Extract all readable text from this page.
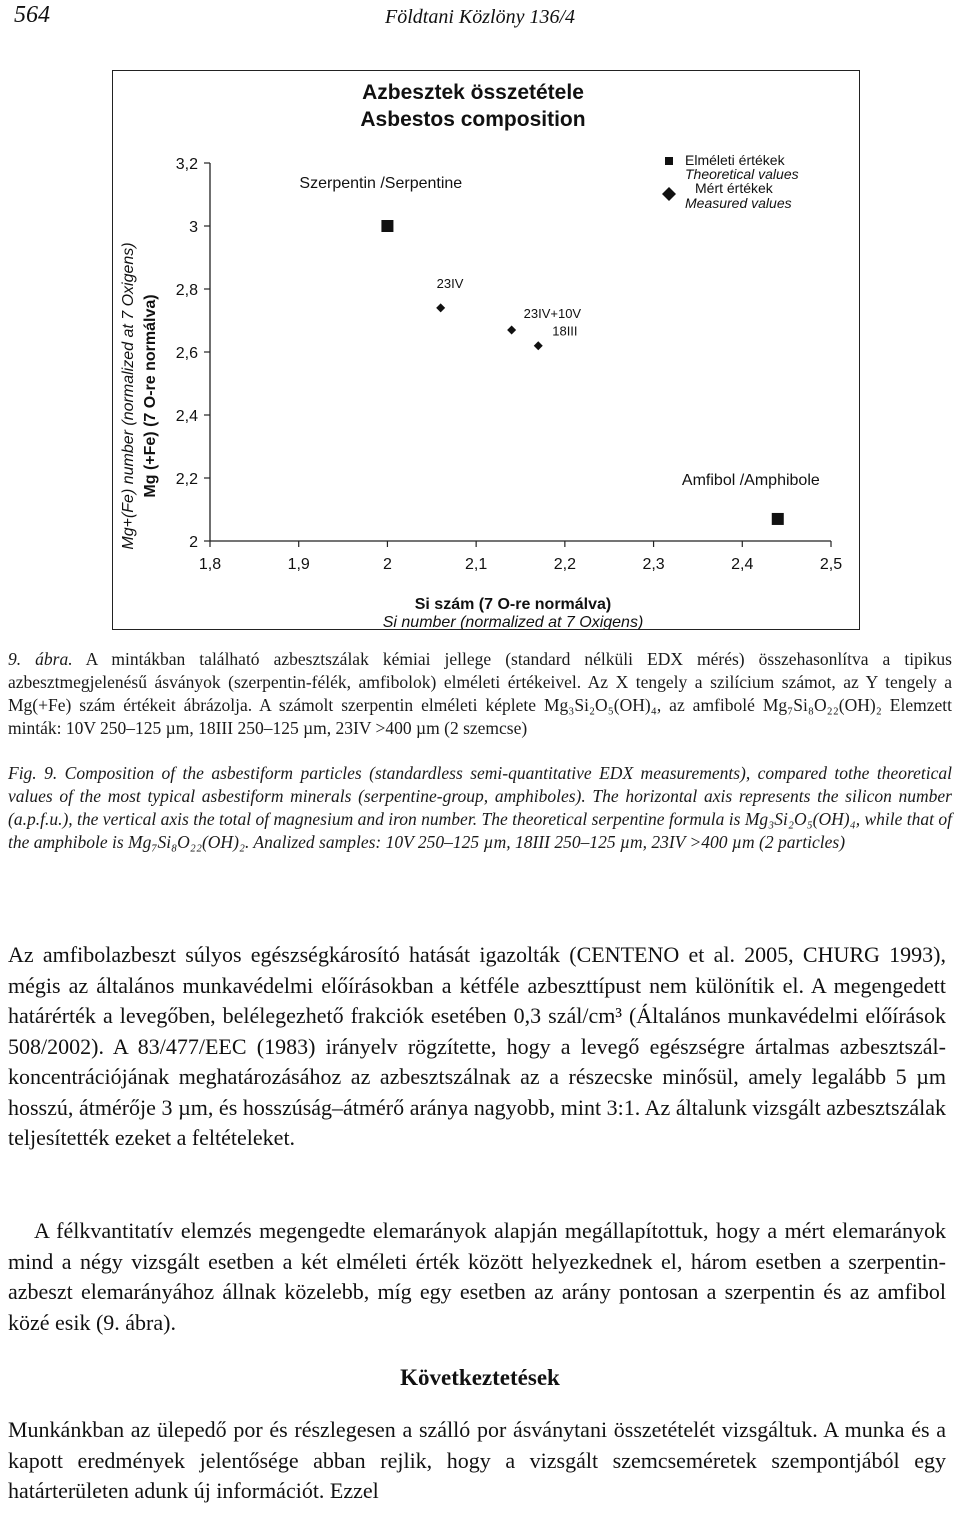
564	Földtani Közlöny 136/4
Azbesztek összetétele
Asbestos composition
Mg+(Fe) number (normalized at 7 Oxigens) Mg (+Fe) (7 O-re normálva)
Si szám (7 O-re normálva)
Si number (normalized at 7 Oxigens)
2
2,2
2,4
2,6
2,8
3
3,2
1,8	1,9	2	2,1	2,2	2,3	2,4	2,5
Szerpentin /Serpentine
Amfibol /Amphibole
23IV
23IV+10V
18III
Elméleti értékek
Theoretical values
Mért értékek
Measured values
9. ábra. A mintákban található azbesztszálak kémiai jellege (standard nélküli EDX mérés) összehasonlítva a tipikus azbesztmegjelenésű ásványok (szerpentin-félék, amfibolok) elméleti értékeivel. Az X tengely a szilícium számot, az Y tengely a Mg(+Fe) szám értékeit ábrázolja. A számolt szerpentin elméleti képlete Mg₃Si₂O₅(OH)₄, az amfibolé Mg₇Si₈O₂₂(OH)₂ Elemzett minták: 10V 250–125 µm, 18III 250–125 µm, 23IV >400 µm (2 szemcse)
Fig. 9. Composition of the asbestiform particles (standardless semi-quantitative EDX measurements), compared tothe theoretical values of the most typical asbestiform minerals (serpentine-group, amphiboles). The horizontal axis represents the silicon number (a.p.f.u.), the vertical axis the total of magnesium and iron number. The theoretical serpentine formula is Mg₃Si₂O₅(OH)₄, while that of the amphibole is Mg₇Si₈O₂₂(OH)₂. Analized samples: 10V 250–125 µm, 18III 250–125 µm, 23IV >400 µm (2 particles)

Az amfibolazbeszt súlyos egészségkárosító hatását igazolták (CENTENO et al. 2005, CHURG 1993), mégis az általános munkavédelmi előírásokban a kétféle azbeszttípust nem különítik el. A megengedett határérték a levegőben, belélegezhető frakciók esetében 0,3 szál/cm³ (Általános munkavédelmi előírások 508/2002). A 83/477/EEC (1983) irányelv rögzítette, hogy a levegő egészségre ártalmas azbesztszál-koncentrációjának meghatározásához az azbesztszálnak az a részecske minősül, amely legalább 5 µm hosszú, átmérője 3 µm, és hosszúság–átmérő aránya nagyobb, mint 3:1. Az általunk vizsgált azbesztszálak teljesítették ezeket a feltételeket.

A félkvantitatív elemzés megengedte elemarányok alapján megállapítottuk, hogy a mért elemarányok mind a négy vizsgált esetben a két elméleti érték között helyezkednek el, három esetben a szerpentin-azbeszt elemarányához állnak közelebb, míg egy esetben az arány pontosan a szerpentin és az amfibol közé esik (9. ábra).

Következtetések

Munkánkban az ülepedő por és részlegesen a szálló por ásványtani összetételét vizsgáltuk. A munka és a kapott eredmények jelentősége abban rejlik, hogy a vizsgált szemcseméretek szempontjából egy határterületen adunk új információt. Ezzel
